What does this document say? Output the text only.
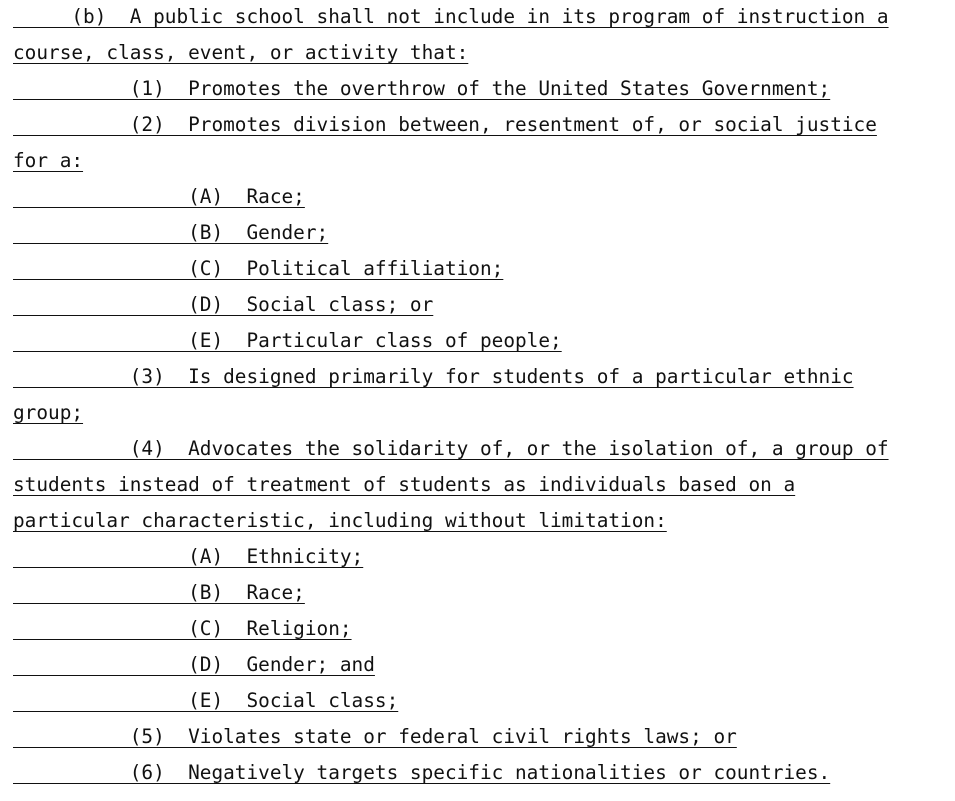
(b)  A public school shall not include in its program of instruction a
course, class, event, or activity that:
(1)  Promotes the overthrow of the United States Government;
(2)  Promotes division between, resentment of, or social justice
for a:
(A)  Race;
(B)  Gender;
(C)  Political affiliation;
(D)  Social class; or
(E)  Particular class of people;
(3)  Is designed primarily for students of a particular ethnic
group;
(4)  Advocates the solidarity of, or the isolation of, a group of
students instead of treatment of students as individuals based on a
particular characteristic, including without limitation:
(A)  Ethnicity;
(B)  Race;
(C)  Religion;
(D)  Gender; and
(E)  Social class;
(5)  Violates state or federal civil rights laws; or
(6)  Negatively targets specific nationalities or countries.
